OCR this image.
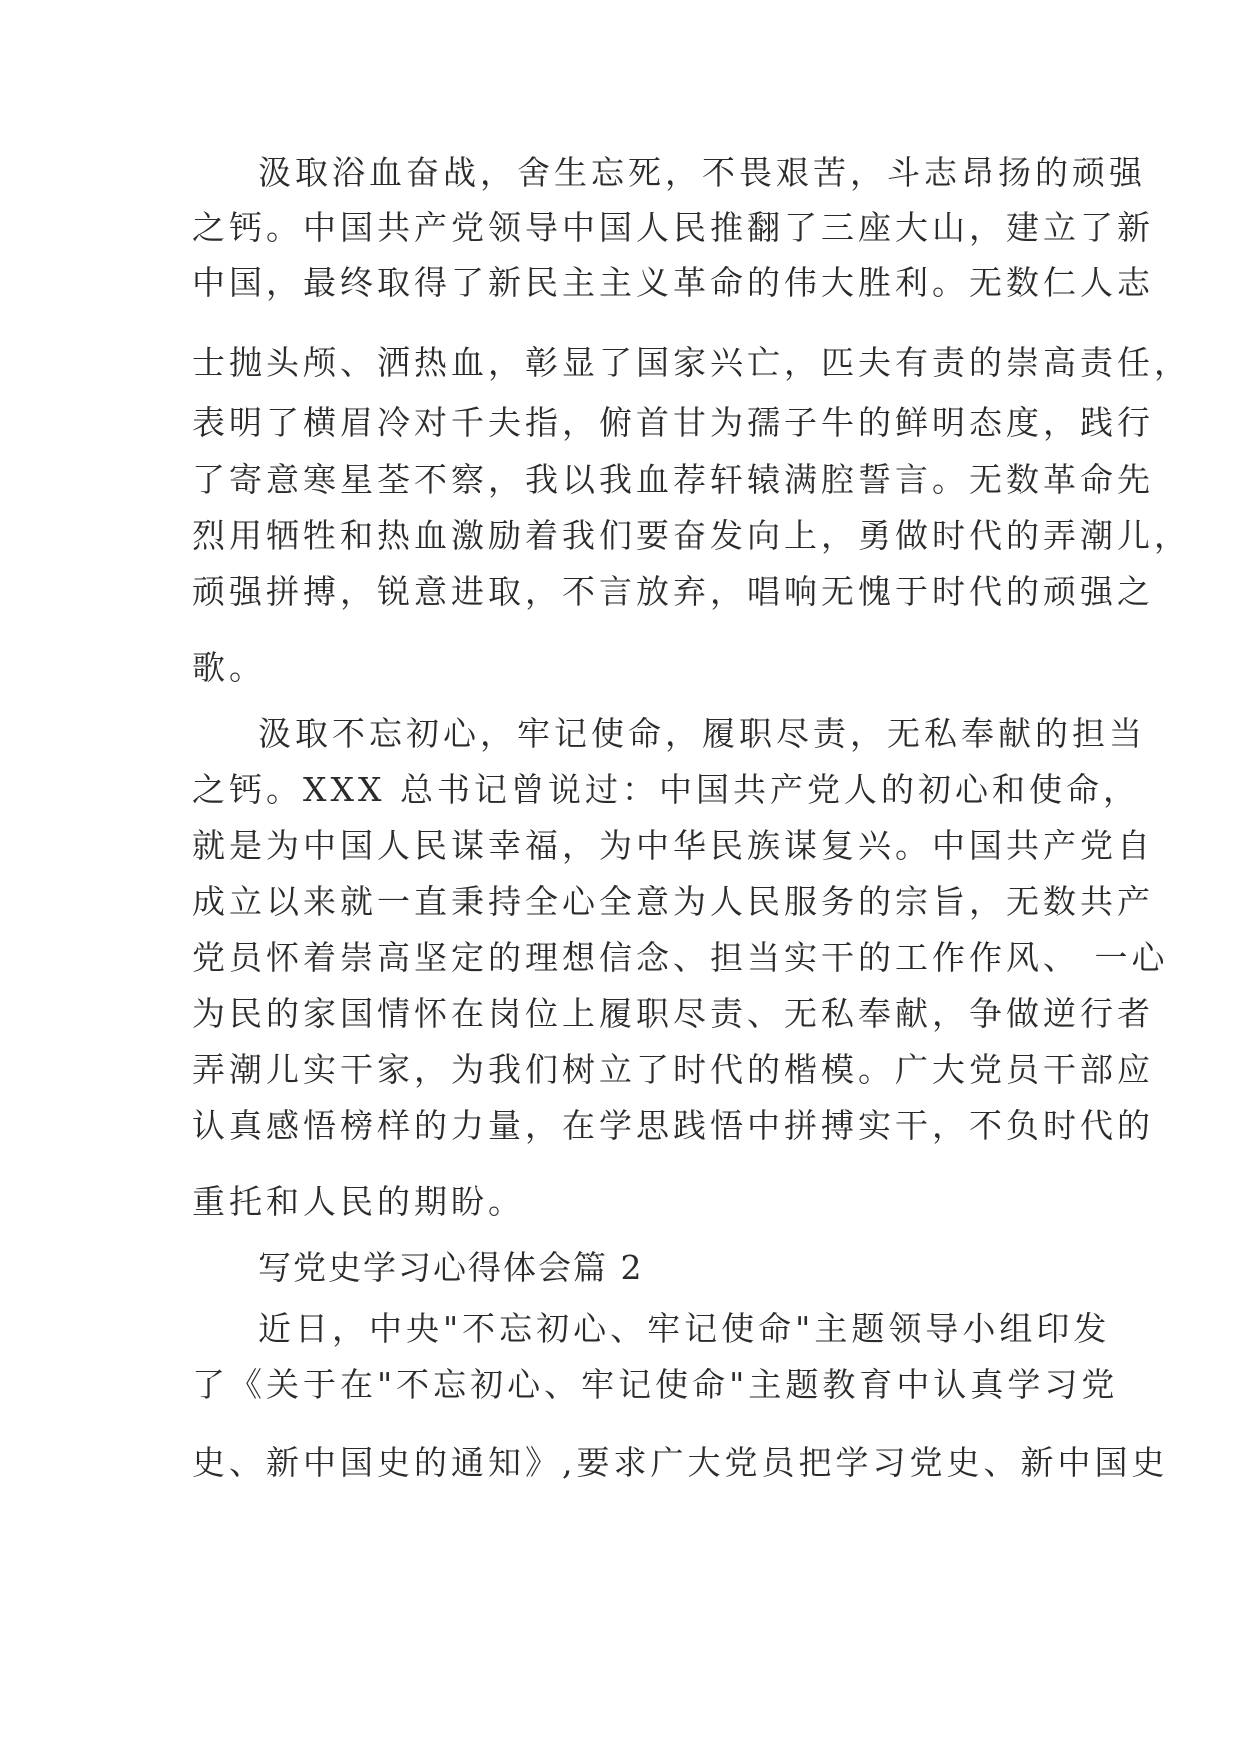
汲取浴血奋战，舍生忘死，不畏艰苦，斗志昂扬的顽强
之钙。中国共产党领导中国人民推翻了三座大山，建立了新
中国，最终取得了新民主主义革命的伟大胜利。无数仁人志
士抛头颅、洒热血，彰显了国家兴亡，匹夫有责的崇高责任，
表明了横眉冷对千夫指，俯首甘为孺子牛的鲜明态度，践行
了寄意寒星荃不察，我以我血荐轩辕满腔誓言。无数革命先
烈用牺牲和热血激励着我们要奋发向上，勇做时代的弄潮儿，
顽强拼搏，锐意进取，不言放弃，唱响无愧于时代的顽强之
歌。
汲取不忘初心，牢记使命，履职尽责，无私奉献的担当
之钙。XXX 总书记曾说过：中国共产党人的初心和使命，
就是为中国人民谋幸福，为中华民族谋复兴。中国共产党自
成立以来就一直秉持全心全意为人民服务的宗旨，无数共产
党员怀着崇高坚定的理想信念、担当实干的工作作风、 一心
为民的家国情怀在岗位上履职尽责、无私奉献，争做逆行者
弄潮儿实干家，为我们树立了时代的楷模。广大党员干部应
认真感悟榜样的力量，在学思践悟中拼搏实干，不负时代的
重托和人民的期盼。
写党史学习心得体会篇 2
近日，中央"不忘初心、牢记使命"主题领导小组印发
了《关于在"不忘初心、牢记使命"主题教育中认真学习党
史、新中国史的通知》,要求广大党员把学习党史、新中国史
